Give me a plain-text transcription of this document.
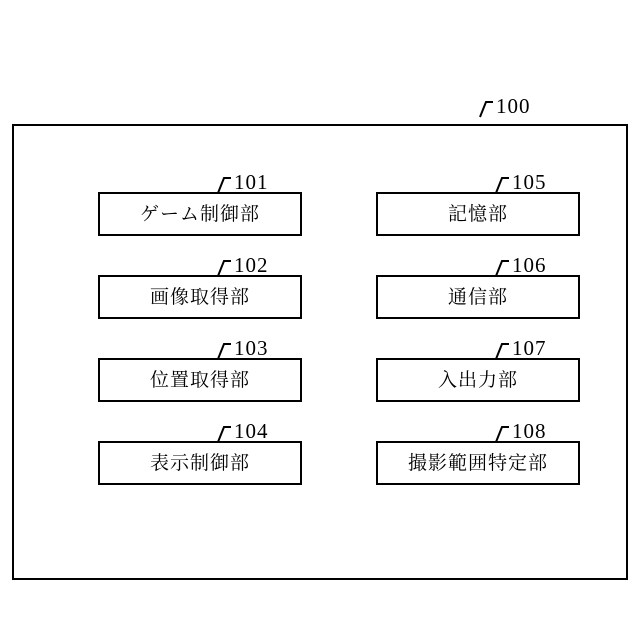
100
101
ゲーム制御部
102
画像取得部
103
位置取得部
104
表示制御部
105
記憶部
106
通信部
107
入出力部
108
撮影範囲特定部
